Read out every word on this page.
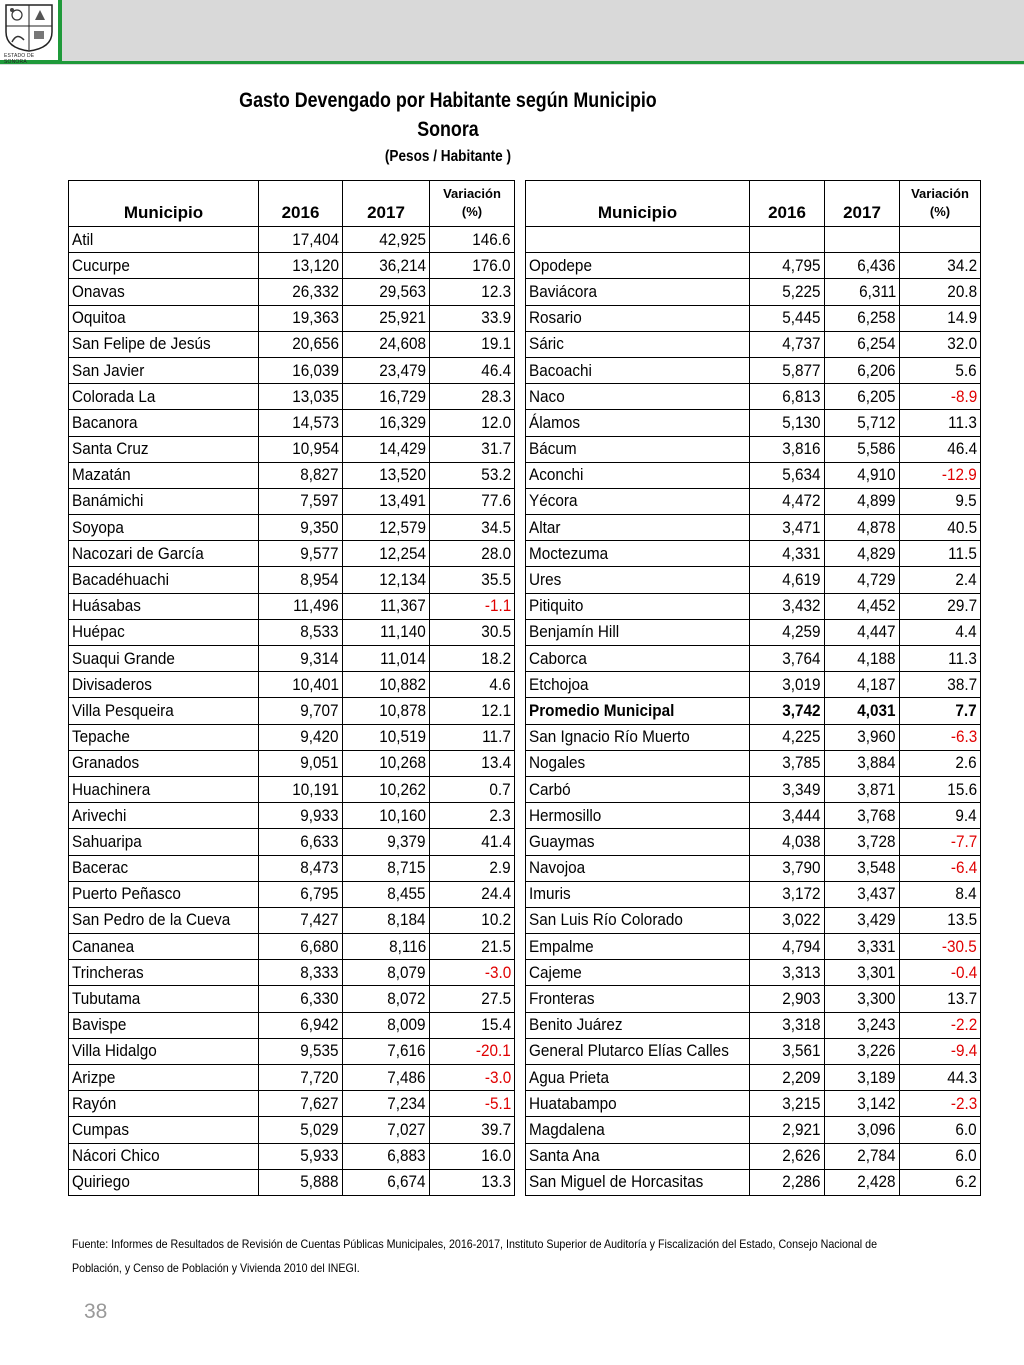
ESTADO DE SONORA
Gasto Devengado por Habitante según Municipio
Sonora
(Pesos / Habitante )
Municipio	2016	2017	Variación
(%)
Atil	17,404	42,925	146.6
Cucurpe	13,120	36,214	176.0
Onavas	26,332	29,563	12.3
Oquitoa	19,363	25,921	33.9
San Felipe de Jesús	20,656	24,608	19.1
San Javier	16,039	23,479	46.4
Colorada La	13,035	16,729	28.3
Bacanora	14,573	16,329	12.0
Santa Cruz	10,954	14,429	31.7
Mazatán	8,827	13,520	53.2
Banámichi	7,597	13,491	77.6
Soyopa	9,350	12,579	34.5
Nacozari de García	9,577	12,254	28.0
Bacadéhuachi	8,954	12,134	35.5
Huásabas	11,496	11,367	-1.1
Huépac	8,533	11,140	30.5
Suaqui Grande	9,314	11,014	18.2
Divisaderos	10,401	10,882	4.6
Villa Pesqueira	9,707	10,878	12.1
Tepache	9,420	10,519	11.7
Granados	9,051	10,268	13.4
Huachinera	10,191	10,262	0.7
Arivechi	9,933	10,160	2.3
Sahuaripa	6,633	9,379	41.4
Bacerac	8,473	8,715	2.9
Puerto Peñasco	6,795	8,455	24.4
San Pedro de la Cueva	7,427	8,184	10.2
Cananea	6,680	8,116	21.5
Trincheras	8,333	8,079	-3.0
Tubutama	6,330	8,072	27.5
Bavispe	6,942	8,009	15.4
Villa Hidalgo	9,535	7,616	-20.1
Arizpe	7,720	7,486	-3.0
Rayón	7,627	7,234	-5.1
Cumpas	5,029	7,027	39.7
Nácori Chico	5,933	6,883	16.0
Quiriego	5,888	6,674	13.3
Municipio	2016	2017	Variación
(%)

Opodepe	4,795	6,436	34.2
Baviácora	5,225	6,311	20.8
Rosario	5,445	6,258	14.9
Sáric	4,737	6,254	32.0
Bacoachi	5,877	6,206	5.6
Naco	6,813	6,205	-8.9
Álamos	5,130	5,712	11.3
Bácum	3,816	5,586	46.4
Aconchi	5,634	4,910	-12.9
Yécora	4,472	4,899	9.5
Altar	3,471	4,878	40.5
Moctezuma	4,331	4,829	11.5
Ures	4,619	4,729	2.4
Pitiquito	3,432	4,452	29.7
Benjamín Hill	4,259	4,447	4.4
Caborca	3,764	4,188	11.3
Etchojoa	3,019	4,187	38.7
Promedio Municipal	3,742	4,031	7.7
San Ignacio Río Muerto	4,225	3,960	-6.3
Nogales	3,785	3,884	2.6
Carbó	3,349	3,871	15.6
Hermosillo	3,444	3,768	9.4
Guaymas	4,038	3,728	-7.7
Navojoa	3,790	3,548	-6.4
Imuris	3,172	3,437	8.4
San Luis Río Colorado	3,022	3,429	13.5
Empalme	4,794	3,331	-30.5
Cajeme	3,313	3,301	-0.4
Fronteras	2,903	3,300	13.7
Benito Juárez	3,318	3,243	-2.2
General Plutarco Elías Calles	3,561	3,226	-9.4
Agua Prieta	2,209	3,189	44.3
Huatabampo	3,215	3,142	-2.3
Magdalena	2,921	3,096	6.0
Santa Ana	2,626	2,784	6.0
San Miguel de Horcasitas	2,286	2,428	6.2
Fuente: Informes de Resultados de Revisión de Cuentas Públicas Municipales, 2016-2017, Instituto Superior de Auditoría y Fiscalización del Estado, Consejo Nacional de
Población, y Censo de Población y Vivienda 2010 del INEGI.
38
